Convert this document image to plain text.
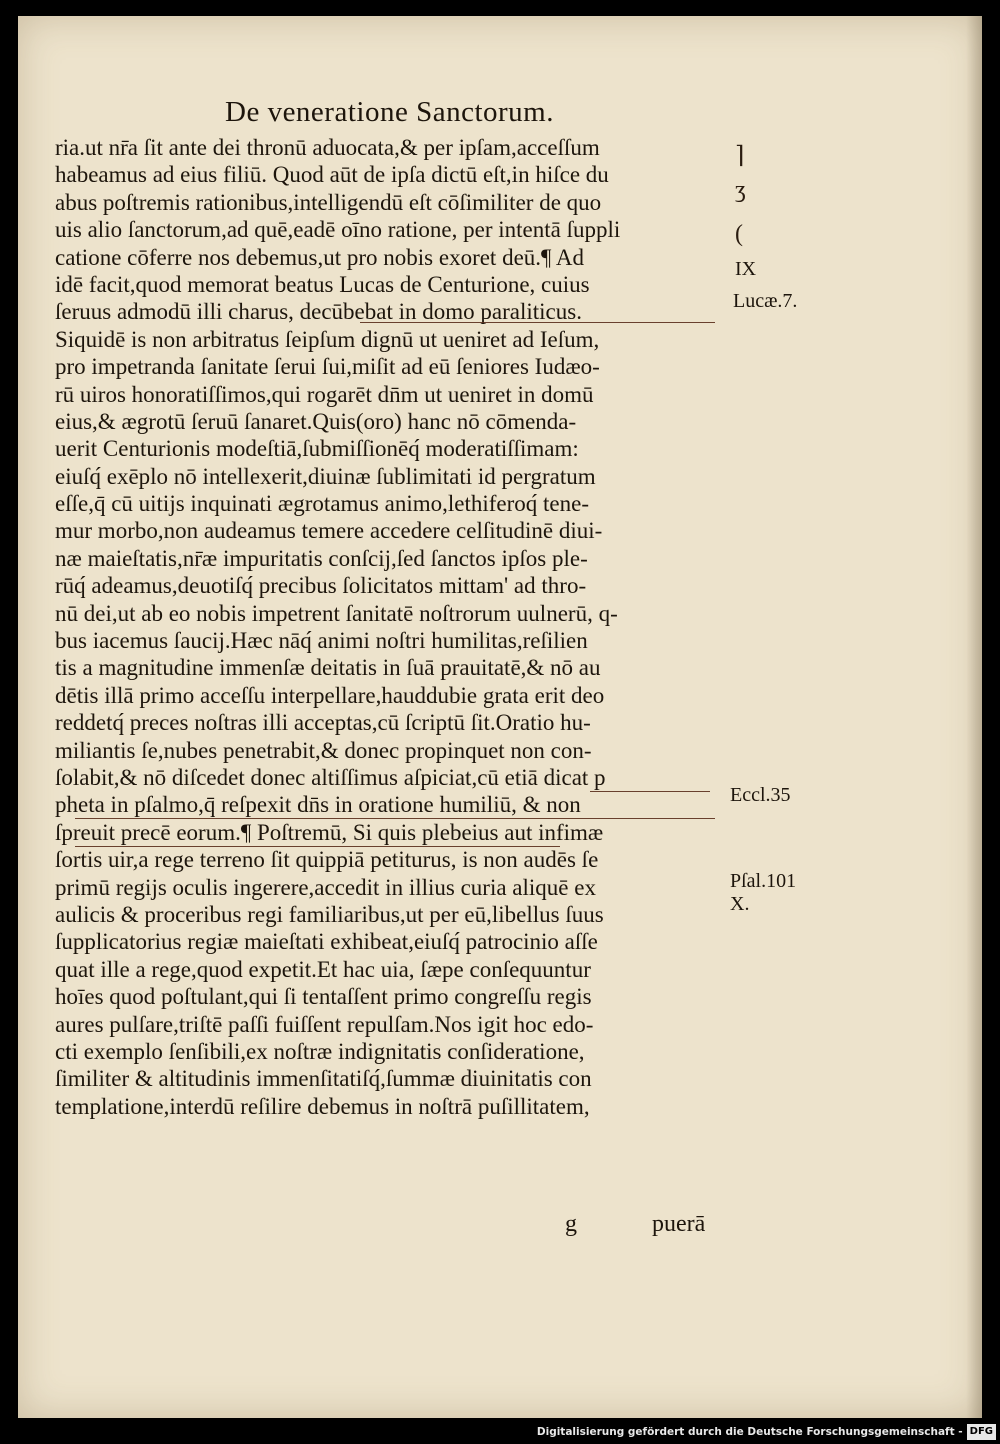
De veneratione Sanctorum.
ria.ut nr̄a ſit ante dei thronū aduocata,& per ipſam,acceſſum
habeamus ad eius filiū. Quod aūt de ipſa dictū eſt,in hiſce du
abus poſtremis rationibus,intelligendū eſt cōſimiliter de quo
uis alio ſanctorum,ad quē,eadē oīno ratione, per intentā ſuppli
catione cōferre nos debemus,ut pro nobis exoret deū.¶ Ad
idē facit,quod memorat beatus Lucas de Centurione, cuius
ſeruus admodū illi charus, decūbebat in domo paraliticus.
Siquidē is non arbitratus ſeipſum dignū ut ueniret ad Ieſum,
pro impetranda ſanitate ſerui ſui,miſit ad eū ſeniores Iudæo-
rū uiros honoratiſſimos,qui rogarēt dn̄m ut ueniret in domū
eius,& ægrotū ſeruū ſanaret.Quis(oro) hanc nō cōmenda-
uerit Centurionis modeſtiā,ſubmiſſionēq́ moderatiſſimam:
eiuſq́ exēplo nō intellexerit,diuinæ ſublimitati id pergratum
eſſe,q̄ cū uitijs inquinati ægrotamus animo,lethiferoq́ tene-
mur morbo,non audeamus temere accedere celſitudinē diui-
næ maieſtatis,nr̄æ impuritatis conſcij,ſed ſanctos ipſos ple-
rūq́ adeamus,deuotiſq́ precibus ſolicitatos mittam' ad thro-
nū dei,ut ab eo nobis impetrent ſanitatē noſtrorum uulnerū, q-
bus iacemus ſaucij.Hæc nāq́ animi noſtri humilitas,reſilien
tis a magnitudine immenſæ deitatis in ſuā prauitatē,& nō au
dētis illā primo acceſſu interpellare,hauddubie grata erit deo
reddetq́ preces noſtras illi acceptas,cū ſcriptū ſit.Oratio hu-
miliantis ſe,nubes penetrabit,& donec propinquet non con-
ſolabit,& nō diſcedet donec altiſſimus aſpiciat,cū etiā dicat p
pheta in pſalmo,q̄ reſpexit dn̄s in oratione humiliū, & non
ſpreuit precē eorum.¶ Poſtremū, Si quis plebeius aut infimæ
ſortis uir,a rege terreno ſit quippiā petiturus, is non audēs ſe
primū regijs oculis ingerere,accedit in illius curia aliquē ex
aulicis & proceribus regi familiaribus,ut per eū,libellus ſuus
ſupplicatorius regiæ maieſtati exhibeat,eiuſq́ patrocinio aſſe
quat ille a rege,quod expetit.Et hac uia, ſæpe conſequuntur
hoīes quod poſtulant,qui ſi tentaſſent primo congreſſu regis
aures pulſare,triſtē paſſi fuiſſent repulſam.Nos igit hoc edo-
cti exemplo ſenſibili,ex noſtræ indignitatis conſideratione,
ſimiliter & altitudinis immenſitatiſq́,ſummæ diuinitatis con
templatione,interdū reſilire debemus in noſtrā puſillitatem,
⌉
ʒ
(
IX
Lucæ.7.
Eccl.35
Pſal.101
X.
g	puerā
Digitalisierung gefördert durch die Deutsche Forschungsgemeinschaft - DFG
